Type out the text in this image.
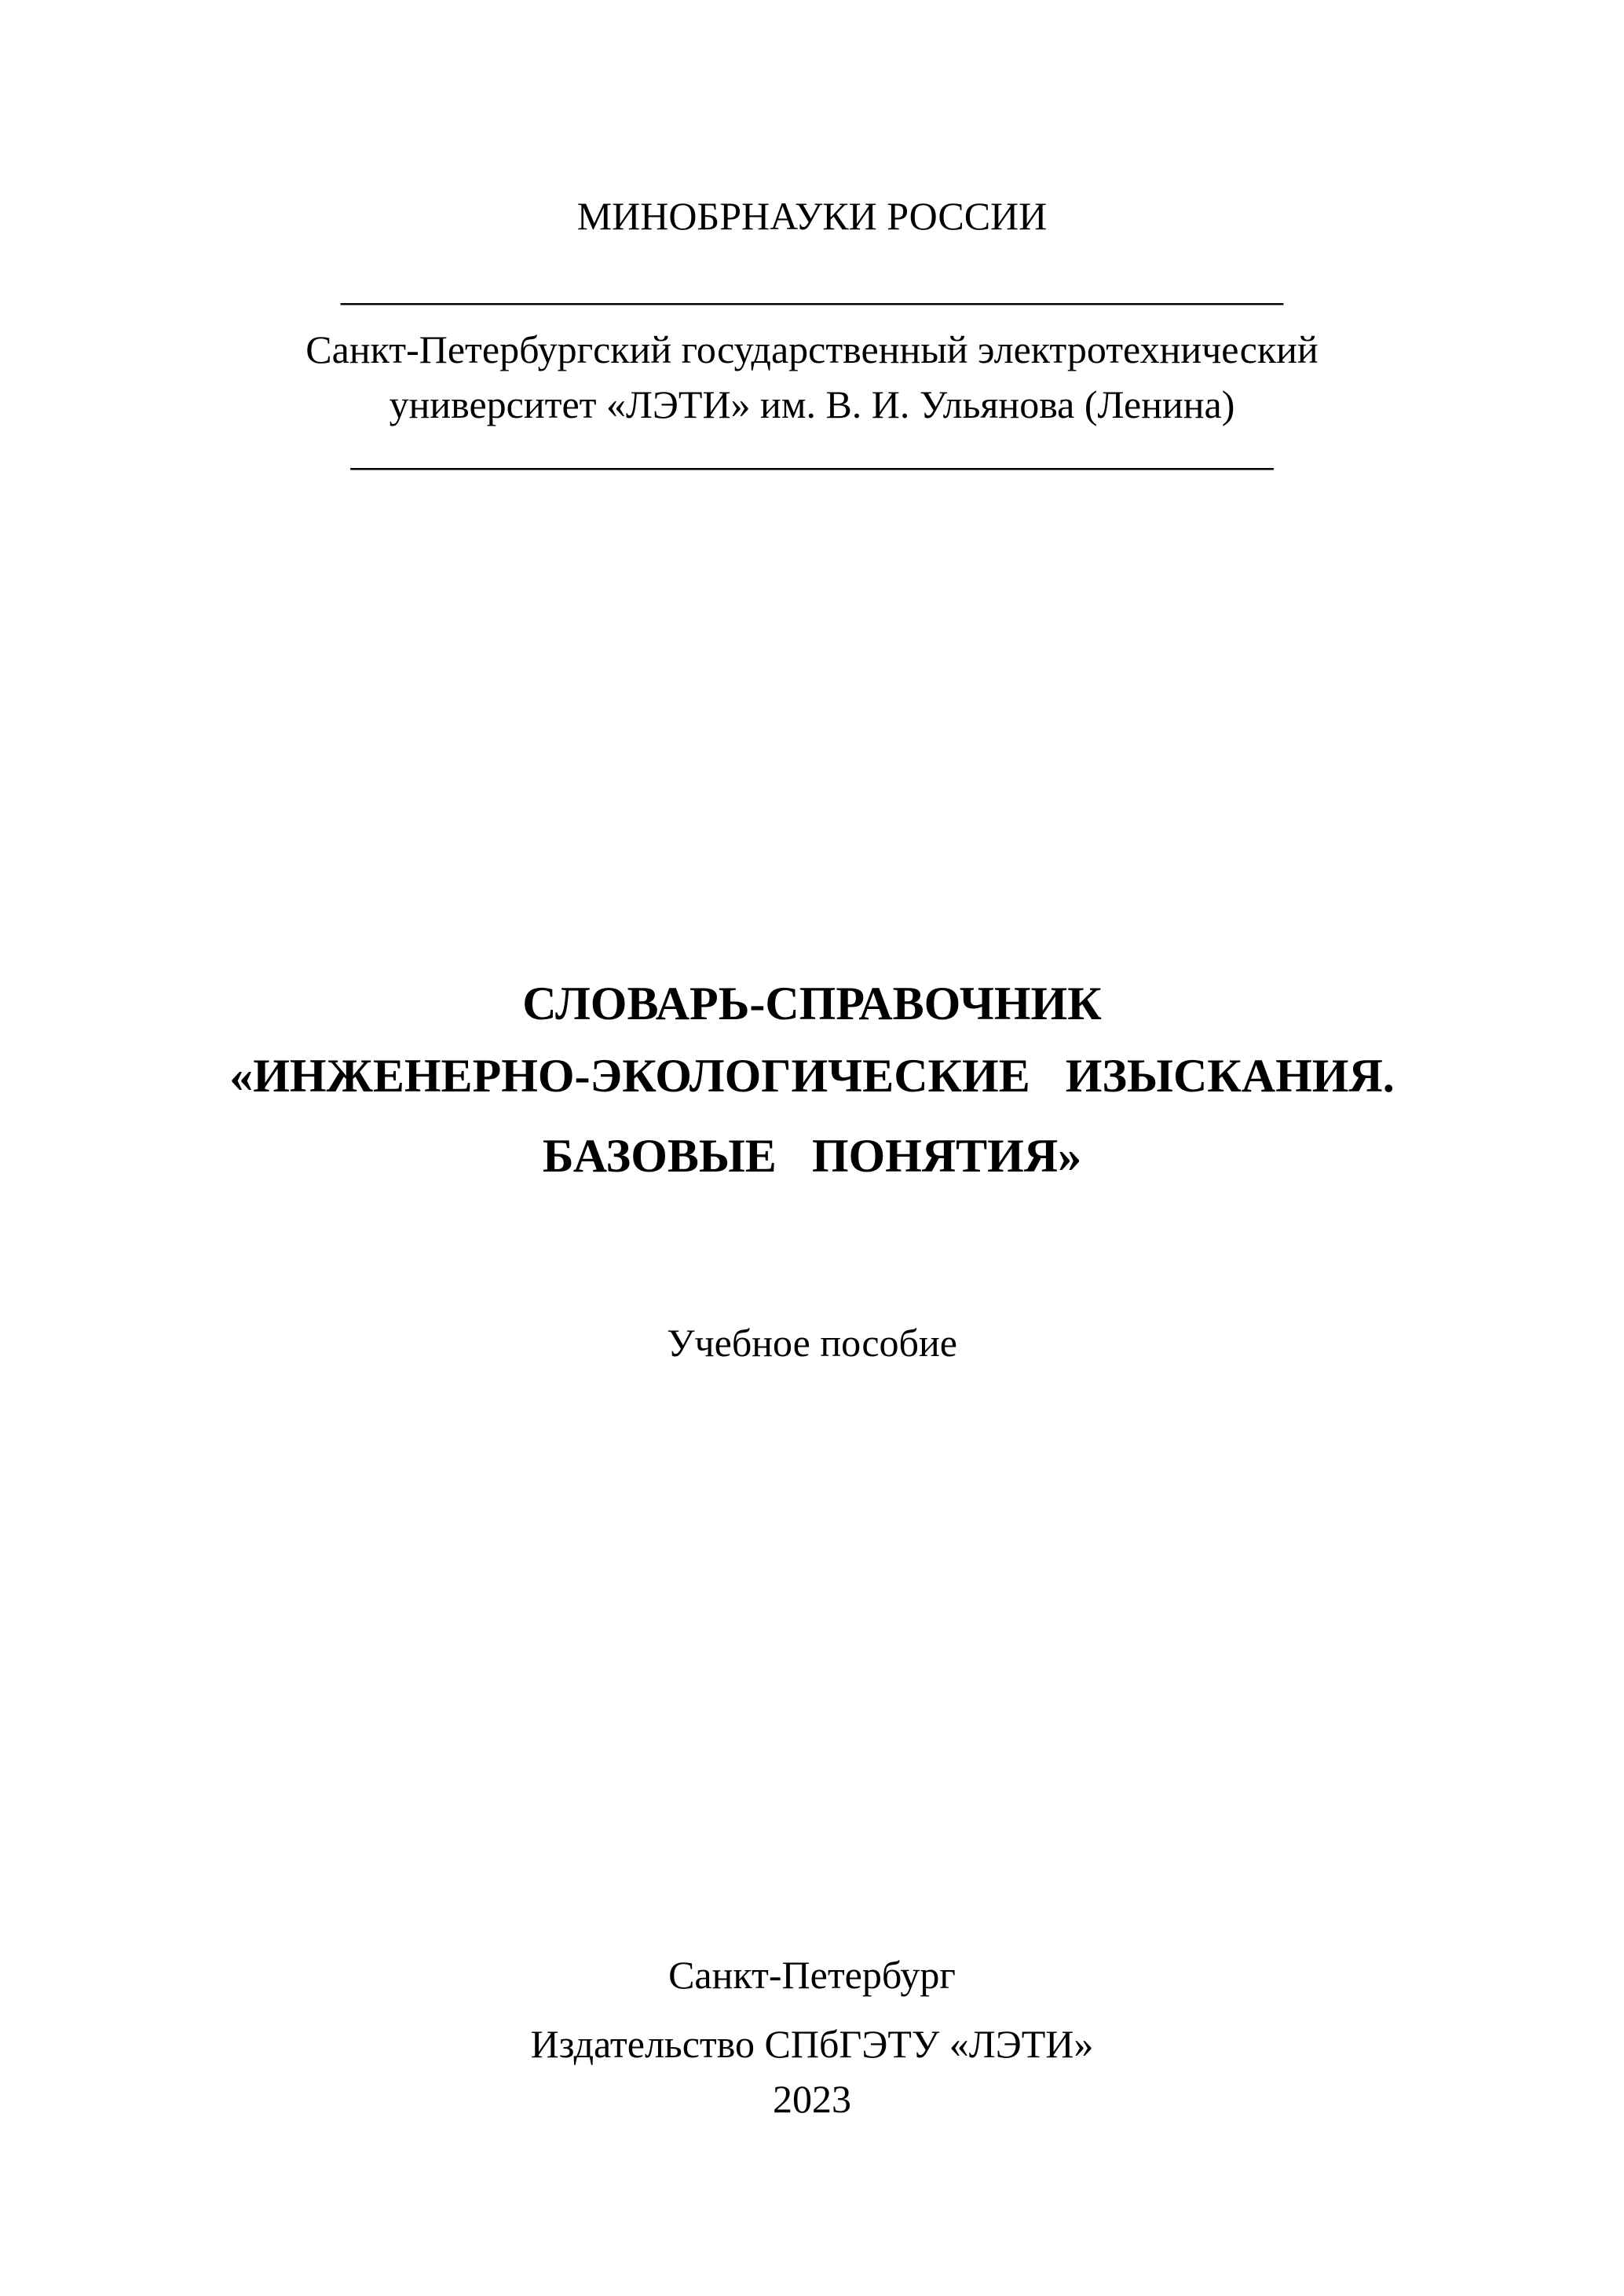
МИНОБРНАУКИ РОССИИ
________________________________________________
Санкт-Петербургский государственный электротехнический
университет «ЛЭТИ» им. В. И. Ульянова (Ленина)
_______________________________________________
СЛОВАРЬ-СПРАВОЧНИК
«ИНЖЕНЕРНО-ЭКОЛОГИЧЕСКИЕ   ИЗЫСКАНИЯ.
БАЗОВЫЕ   ПОНЯТИЯ»
Учебное пособие
Санкт-Петербург
Издательство СПбГЭТУ «ЛЭТИ»
2023
